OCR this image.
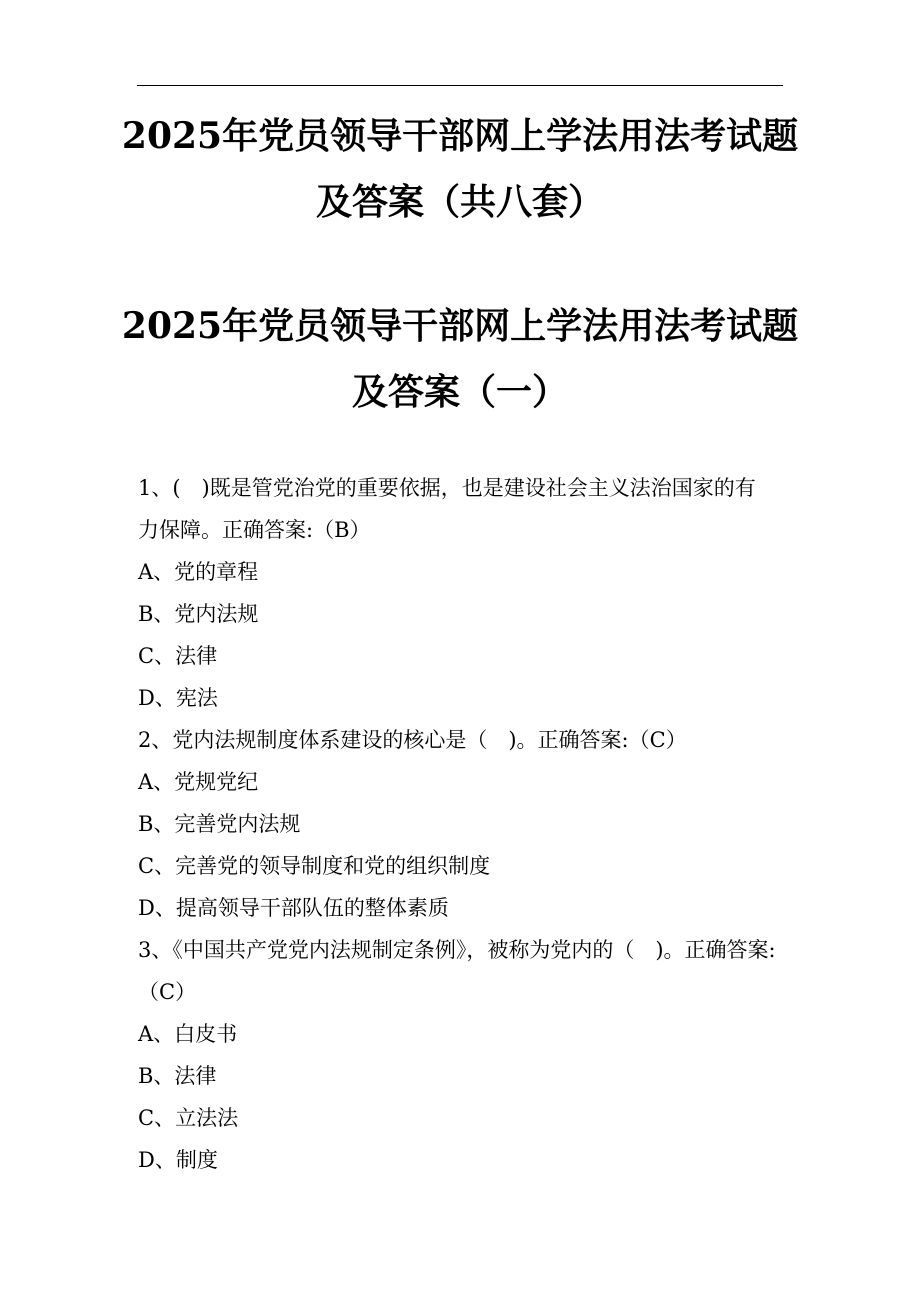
2025年党员领导干部网上学法用法考试题
及答案（共八套）
2025年党员领导干部网上学法用法考试题
及答案（一）
1、(　)既是管党治党的重要依据，也是建设社会主义法治国家的有
力保障。正确答案:（B）
A、党的章程
B、党内法规
C、法律
D、宪法
2、党内法规制度体系建设的核心是（　)。正确答案:（C）
A、党规党纪
B、完善党内法规
C、完善党的领导制度和党的组织制度
D、提高领导干部队伍的整体素质
3、《中国共产党党内法规制定条例》，被称为党内的（　)。正确答案:
（C）
A、白皮书
B、法律
C、立法法
D、制度
